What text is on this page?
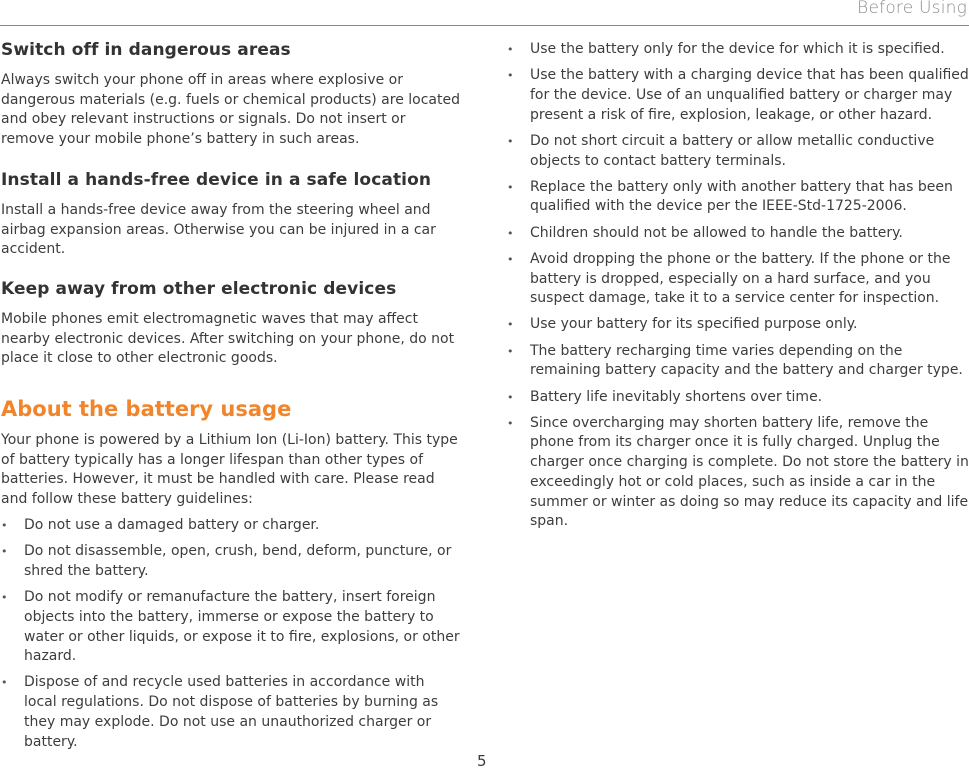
Before Using
Switch off in dangerous areas

Always switch your phone off in areas where explosive or dangerous materials (e.g. fuels or chemical products) are located and obey relevant instructions or signals. Do not insert or remove your mobile phone’s battery in such areas.

Install a hands-free device in a safe location

Install a hands-free device away from the steering wheel and airbag expansion areas. Otherwise you can be injured in a car accident.

Keep away from other electronic devices

Mobile phones emit electromagnetic waves that may affect nearby electronic devices. After switching on your phone, do not place it close to other electronic goods.

About the battery usage

Your phone is powered by a Lithium Ion (Li-Ion) battery. This type of battery typically has a longer lifespan than other types of batteries. However, it must be handled with care. Please read and follow these battery guidelines:

• Do not use a damaged battery or charger.
• Do not disassemble, open, crush, bend, deform, puncture, or shred the battery.
• Do not modify or remanufacture the battery, insert foreign objects into the battery, immerse or expose the battery to water or other liquids, or expose it to fire, explosions, or other hazard.
• Dispose of and recycle used batteries in accordance with local regulations. Do not dispose of batteries by burning as they may explode. Do not use an unauthorized charger or battery.
• Use the battery only for the device for which it is specified.
• Use the battery with a charging device that has been qualified for the device. Use of an unqualified battery or charger may present a risk of fire, explosion, leakage, or other hazard.
• Do not short circuit a battery or allow metallic conductive objects to contact battery terminals.
• Replace the battery only with another battery that has been qualified with the device per the IEEE-Std-1725-2006.
• Children should not be allowed to handle the battery.
• Avoid dropping the phone or the battery. If the phone or the battery is dropped, especially on a hard surface, and you suspect damage, take it to a service center for inspection.
• Use your battery for its specified purpose only.
• The battery recharging time varies depending on the remaining battery capacity and the battery and charger type.
• Battery life inevitably shortens over time.
• Since overcharging may shorten battery life, remove the phone from its charger once it is fully charged. Unplug the charger once charging is complete. Do not store the battery in exceedingly hot or cold places, such as inside a car in the summer or winter as doing so may reduce its capacity and life span.
5
